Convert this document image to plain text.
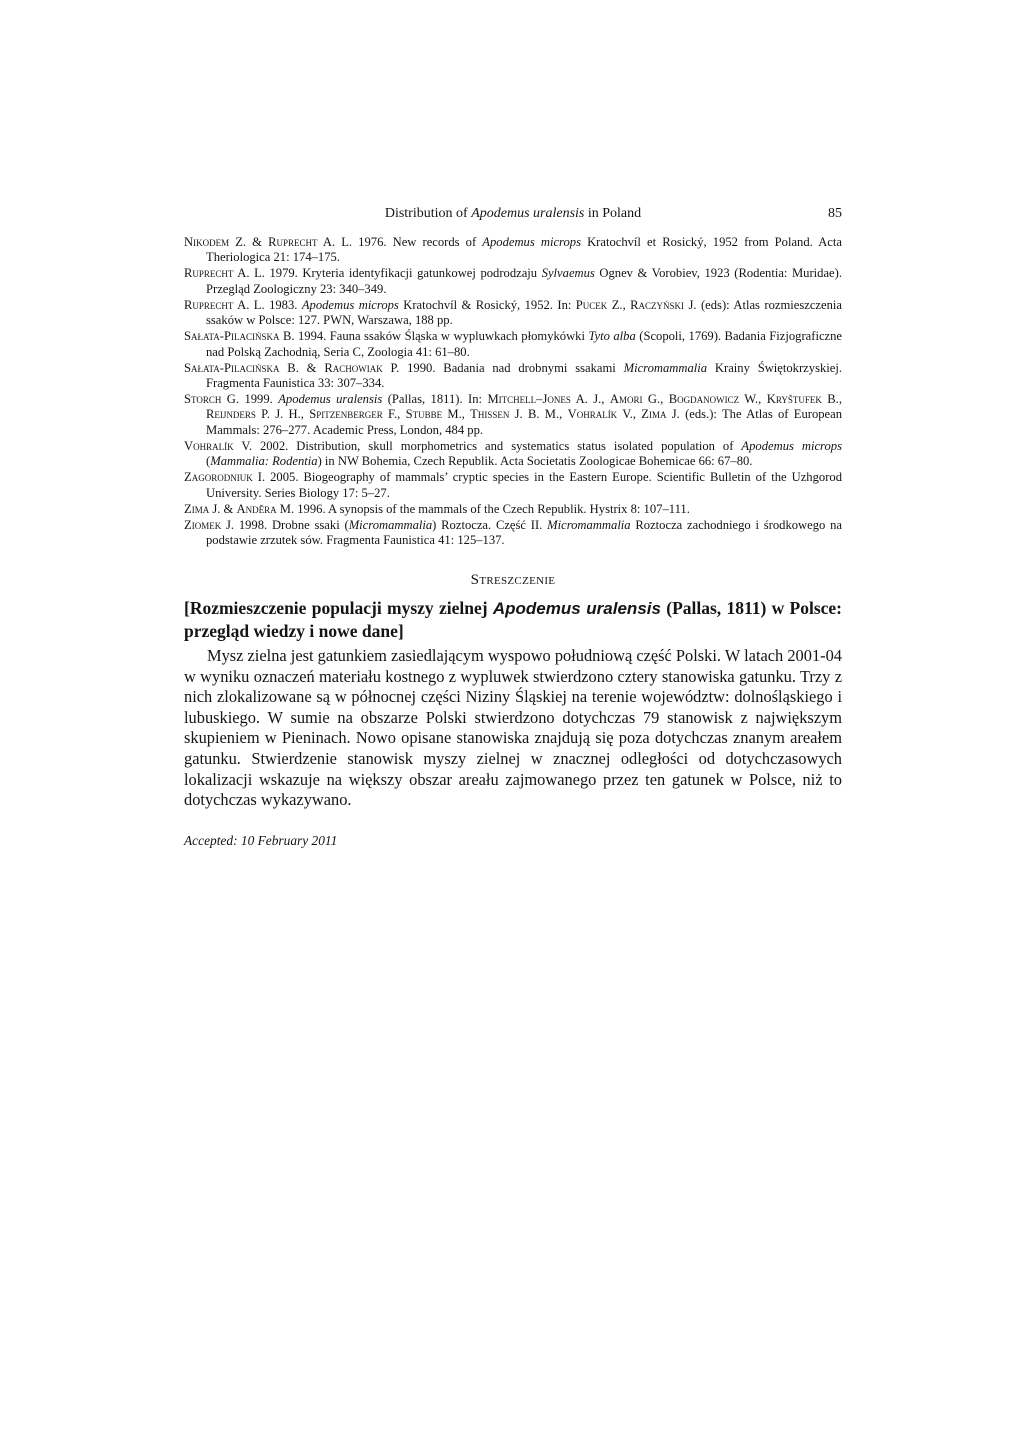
Distribution of Apodemus uralensis in Poland	85
Nikodem Z. & Ruprecht A. L. 1976. New records of Apodemus microps Kratochvíl et Rosický, 1952 from Poland. Acta Theriologica 21: 174–175.
Ruprecht A. L. 1979. Kryteria identyfikacji gatunkowej podrodzaju Sylvaemus Ognev & Vorobiev, 1923 (Rodentia: Muridae). Przegląd Zoologiczny 23: 340–349.
Ruprecht A. L. 1983. Apodemus microps Kratochvíl & Rosický, 1952. In: Pucek Z., Raczyński J. (eds): Atlas rozmieszczenia ssaków w Polsce: 127. PWN, Warszawa, 188 pp.
Sałata-Pilacińska B. 1994. Fauna ssaków Śląska w wypluwkach płomykówki Tyto alba (Scopoli, 1769). Badania Fizjograficzne nad Polską Zachodnią, Seria C, Zoologia 41: 61–80.
Sałata-Pilacińska B. & Rachowiak P. 1990. Badania nad drobnymi ssakami Micromammalia Krainy Świętokrzyskiej. Fragmenta Faunistica 33: 307–334.
Storch G. 1999. Apodemus uralensis (Pallas, 1811). In: Mitchell–Jones A. J., Amori G., Bogdanowicz W., Kryštufek B., Reijnders P. J. H., Spitzenberger F., Stubbe M., Thissen J. B. M., Vohralík V., Zima J. (eds.): The Atlas of European Mammals: 276–277. Academic Press, London, 484 pp.
Vohralík V. 2002. Distribution, skull morphometrics and systematics status isolated population of Apodemus microps (Mammalia: Rodentia) in NW Bohemia, Czech Republik. Acta Societatis Zoologicae Bohemicae 66: 67–80.
Zagorodniuk I. 2005. Biogeography of mammals’ cryptic species in the Eastern Europe. Scientific Bulletin of the Uzhgorod University. Series Biology 17: 5–27.
Zima J. & Anděra M. 1996. A synopsis of the mammals of the Czech Republik. Hystrix 8: 107–111.
Ziomek J. 1998. Drobne ssaki (Micromammalia) Roztocza. Część II. Micromammalia Roztocza zachodniego i środkowego na podstawie zrzutek sów. Fragmenta Faunistica 41: 125–137.
Streszczenie
[Rozmieszczenie populacji myszy zielnej Apodemus uralensis (Pallas, 1811) w Polsce: przegląd wiedzy i nowe dane]

Mysz zielna jest gatunkiem zasiedlającym wyspowo południową część Polski. W latach 2001-04 w wyniku oznaczeń materiału kostnego z wypluwek stwierdzono cztery stanowiska gatunku. Trzy z nich zlokalizowane są w północnej części Niziny Śląskiej na terenie województw: dolnośląskiego i lubuskiego. W sumie na obszarze Polski stwierdzono dotychczas 79 stanowisk z największym skupieniem w Pieninach. Nowo opisane stanowiska znajdują się poza dotychczas znanym areałem gatunku. Stwierdzenie stanowisk myszy zielnej w znacznej odległości od dotychczasowych lokalizacji wskazuje na większy obszar areału zajmowanego przez ten gatunek w Polsce, niż to dotychczas wykazywano.

Accepted: 10 February 2011
